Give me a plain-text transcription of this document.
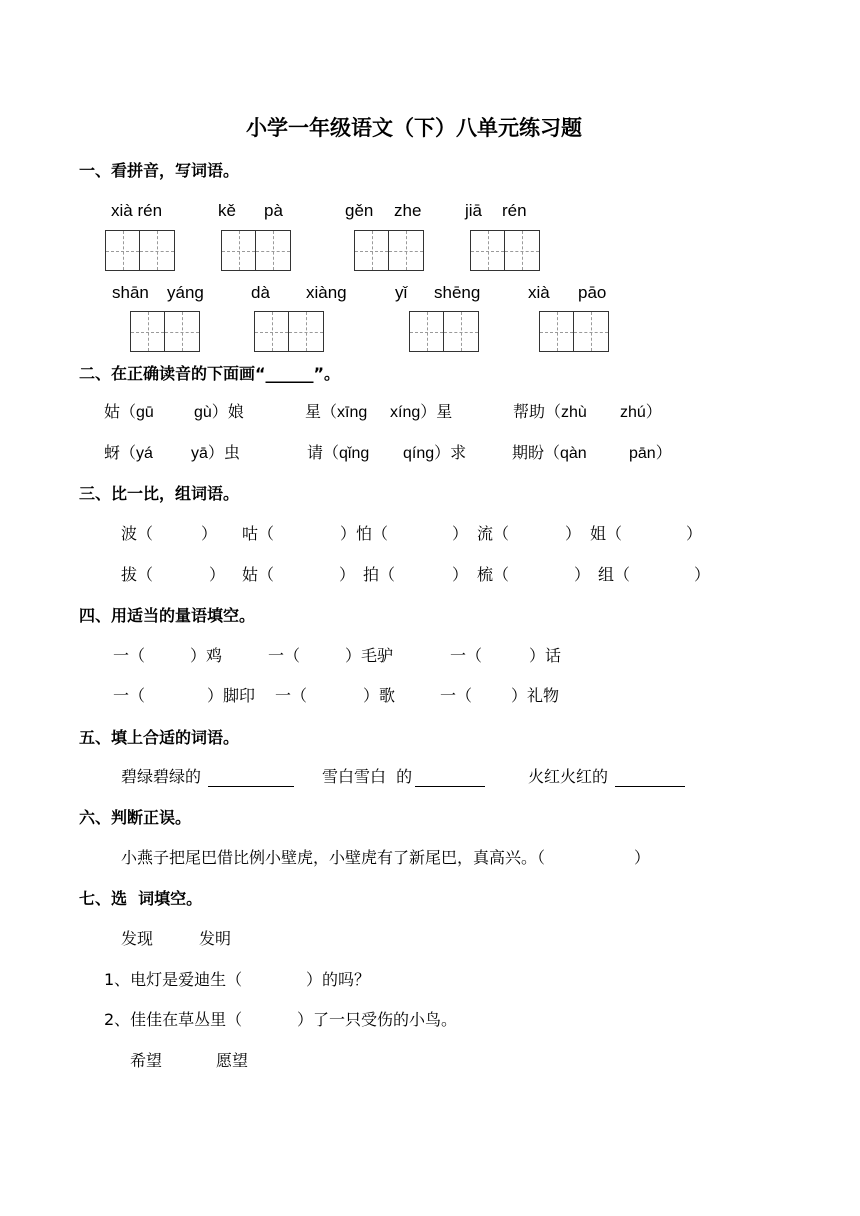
小学一年级语文（下）八单元练习题
一、看拼音，写词语。
xià rén	kě pà	gěn zhe	jiā rén
shān yáng	dà xiàng	yǐ shēng	xià pāo
二、在正确读音的下面画“______”。
姑（gū	gù）娘	星（xīng xíng）星	帮助（zhù zhú）
蚜（yá yā）虫	请（qǐng qíng）求	期盼（qàn	pān）
三、比一比，组词语。
波（	） 咕（	）怕（	） 流（	） 姐（	）
拔（	） 姑（	） 拍（	） 梳（	） 组（	）
四、用适当的量语填空。
一（	）鸡	一（	）毛驴	一（	）话
一（	）脚印 一（	）歌	一（ ）礼物
五、填上合适的词语。
碧绿碧绿的	雪白雪白  的	火红火红的
六、判断正误。
小燕子把尾巴借比例小壁虎，小壁虎有了新尾巴，真高兴。（	）
七、选  词填空。
发现	发明
1、电灯是爱迪生（	）的吗？
2、佳佳在草丛里（	）了一只受伤的小鸟。
希望	愿望
